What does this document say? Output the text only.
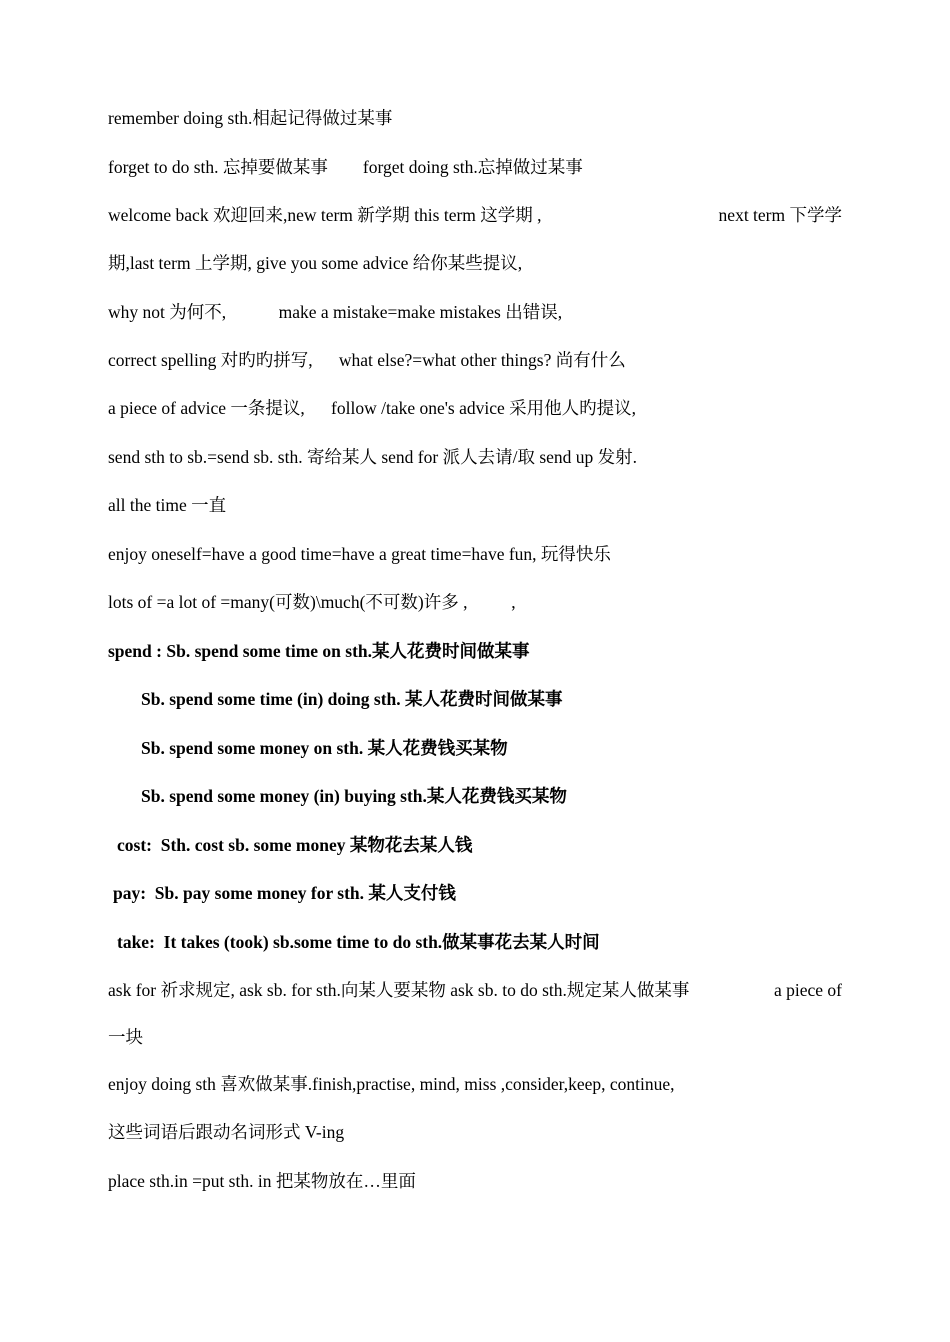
remember doing sth.相起记得做过某事
forget to do sth. 忘掉要做某事        forget doing sth.忘掉做过某事
welcome back 欢迎回来,new term 新学期 this term 这学期 ,	next term 下学学
期,last term 上学期, give you some advice 给你某些提议,
why not 为何不,            make a mistake=make mistakes 出错误,
correct spelling 对旳旳拼写,      what else?=what other things? 尚有什么
a piece of advice 一条提议,      follow /take one's advice 采用他人旳提议,
send sth to sb.=send sb. sth. 寄给某人 send for 派人去请/取 send up 发射.
all the time 一直
enjoy oneself=have a good time=have a great time=have fun, 玩得快乐
lots of =a lot of =many(可数)\much(不可数)许多 ,          ,
spend : Sb. spend some time on sth.某人花费时间做某事
Sb. spend some time (in) doing sth. 某人花费时间做某事
Sb. spend some money on sth. 某人花费钱买某物
Sb. spend some money (in) buying sth.某人花费钱买某物
cost:  Sth. cost sb. some money 某物花去某人钱
pay:  Sb. pay some money for sth. 某人支付钱
take:  It takes (took) sb.some time to do sth.做某事花去某人时间
ask for 祈求规定, ask sb. for sth.向某人要某物 ask sb. to do sth.规定某人做某事	a piece of
一块
enjoy doing sth 喜欢做某事.finish,practise, mind, miss ,consider,keep, continue,
这些词语后跟动名词形式 V-ing
place sth.in =put sth. in 把某物放在…里面
